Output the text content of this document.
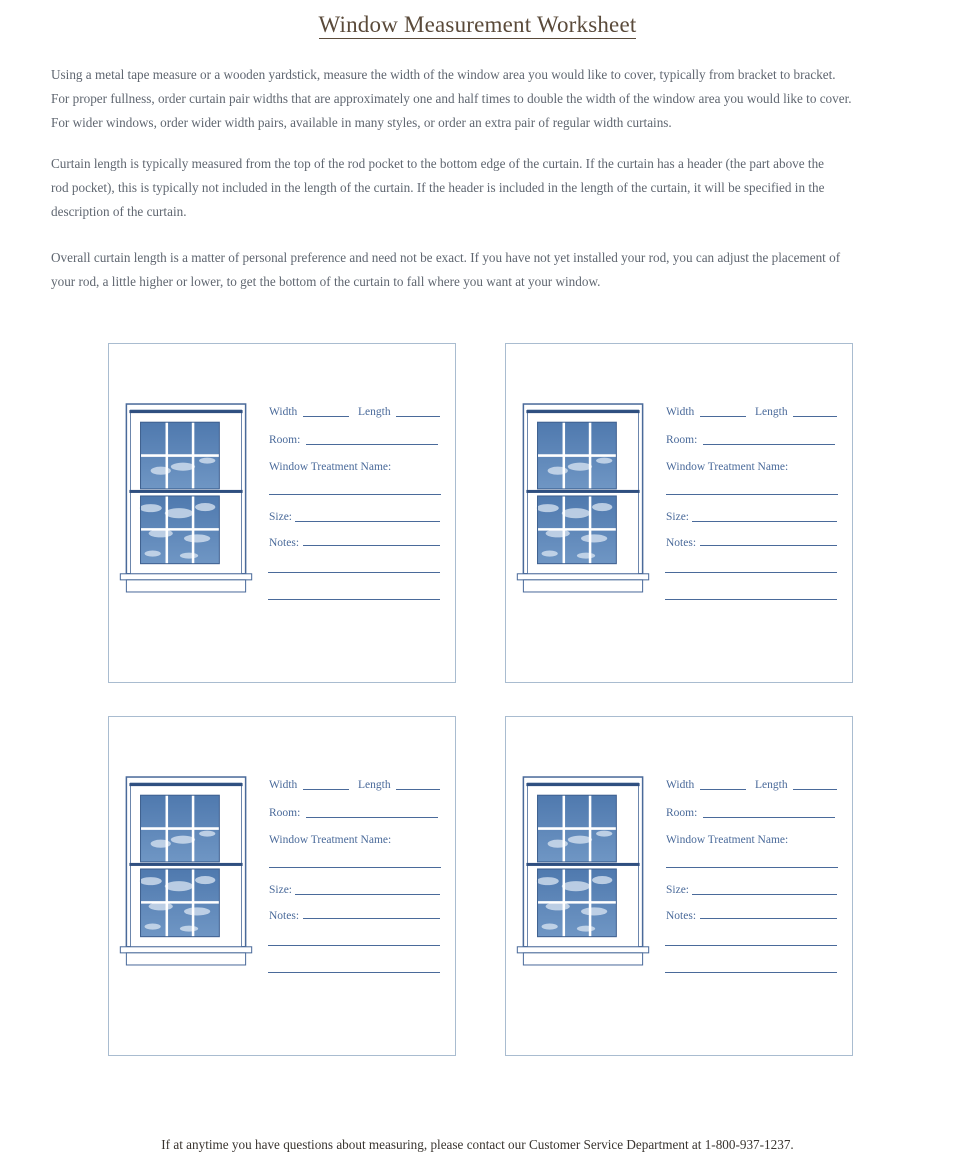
Window Measurement Worksheet

Using a metal tape measure or a wooden yardstick, measure the width of the window area you would like to cover, typically from bracket to bracket.

For proper fullness, order curtain pair widths that are approximately one and half times to double the width of the window area you would like to cover.

For wider windows, order wider width pairs, available in many styles, or order an extra pair of regular width curtains.

Curtain length is typically measured from the top of the rod pocket to the bottom edge of the curtain. If the curtain has a header (the part above the

rod pocket), this is typically not included in the length of the curtain. If the header is included in the length of the curtain, it will be specified in the

description of the curtain.

Overall curtain length is a matter of personal preference and need not be exact. If you have not yet installed your rod, you can adjust the placement of

your rod, a little higher or lower, to get the bottom of the curtain to fall where you want at your window.

Width	Length
Room:
Window Treatment Name:
Size:
Notes:
Width	Length
Room:
Window Treatment Name:
Size:
Notes:
Width	Length
Room:
Window Treatment Name:
Size:
Notes:
Width	Length
Room:
Window Treatment Name:
Size:
Notes:
If at anytime you have questions about measuring, please contact our Customer Service Department at 1-800-937-1237.
